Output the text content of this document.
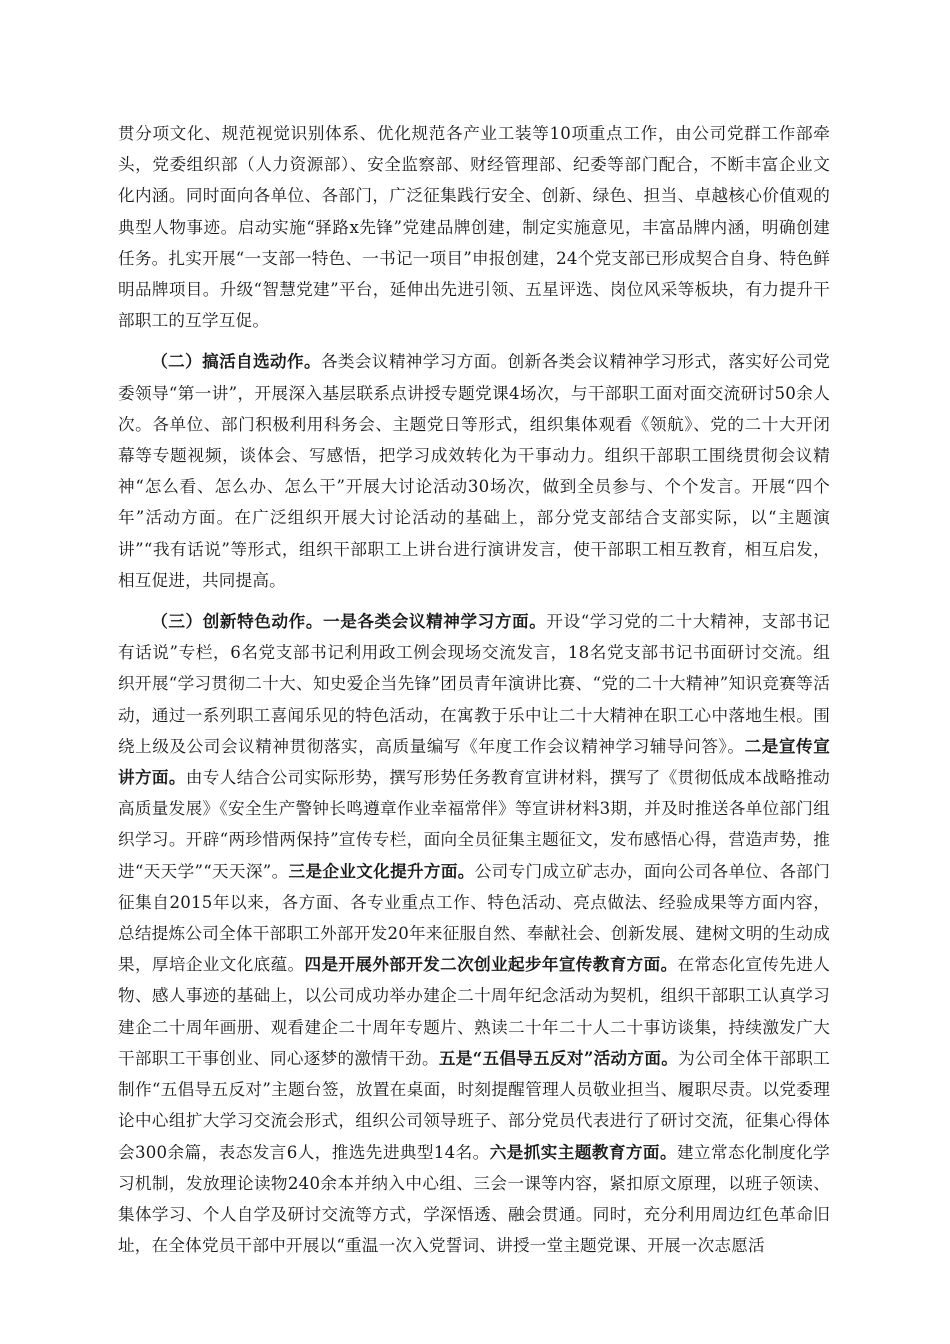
贯分项文化、规范视觉识别体系、优化规范各产业工装等10项重点工作，由公司党群工作部牵头，党委组织部（人力资源部）、安全监察部、财经管理部、纪委等部门配合，不断丰富企业文化内涵。同时面向各单位、各部门，广泛征集践行安全、创新、绿色、担当、卓越核心价值观的典型人物事迹。启动实施“驿路x先锋”党建品牌创建，制定实施意见，丰富品牌内涵，明确创建任务。扎实开展“一支部一特色、一书记一项目”申报创建，24个党支部已形成契合自身、特色鲜明品牌项目。升级“智慧党建”平台，延伸出先进引领、五星评选、岗位风采等板块，有力提升干部职工的互学互促。

（二）搞活自选动作。各类会议精神学习方面。创新各类会议精神学习形式，落实好公司党委领导“第一讲”，开展深入基层联系点讲授专题党课4场次，与干部职工面对面交流研讨50余人次。各单位、部门积极利用科务会、主题党日等形式，组织集体观看《领航》、党的二十大开闭幕等专题视频，谈体会、写感悟，把学习成效转化为干事动力。组织干部职工围绕贯彻会议精神“怎么看、怎么办、怎么干”开展大讨论活动30场次，做到全员参与、个个发言。开展“四个年”活动方面。在广泛组织开展大讨论活动的基础上，部分党支部结合支部实际，以“主题演讲”“我有话说”等形式，组织干部职工上讲台进行演讲发言，使干部职工相互教育，相互启发，相互促进，共同提高。

（三）创新特色动作。一是各类会议精神学习方面。开设“学习党的二十大精神，支部书记有话说”专栏，6名党支部书记利用政工例会现场交流发言，18名党支部书记书面研讨交流。组织开展“学习贯彻二十大、知史爱企当先锋”团员青年演讲比赛、“党的二十大精神”知识竞赛等活动，通过一系列职工喜闻乐见的特色活动，在寓教于乐中让二十大精神在职工心中落地生根。围绕上级及公司会议精神贯彻落实，高质量编写《年度工作会议精神学习辅导问答》。二是宣传宣讲方面。由专人结合公司实际形势，撰写形势任务教育宣讲材料，撰写了《贯彻低成本战略推动高质量发展》《安全生产警钟长鸣遵章作业幸福常伴》等宣讲材料3期，并及时推送各单位部门组织学习。开辟“两珍惜两保持”宣传专栏，面向全员征集主题征文，发布感悟心得，营造声势，推进“天天学”“天天深”。三是企业文化提升方面。公司专门成立矿志办，面向公司各单位、各部门征集自2015年以来，各方面、各专业重点工作、特色活动、亮点做法、经验成果等方面内容，总结提炼公司全体干部职工外部开发20年来征服自然、奉献社会、创新发展、建树文明的生动成果，厚培企业文化底蕴。四是开展外部开发二次创业起步年宣传教育方面。在常态化宣传先进人物、感人事迹的基础上，以公司成功举办建企二十周年纪念活动为契机，组织干部职工认真学习建企二十周年画册、观看建企二十周年专题片、熟读二十年二十人二十事访谈集，持续激发广大干部职工干事创业、同心逐梦的激情干劲。五是“五倡导五反对”活动方面。为公司全体干部职工制作“五倡导五反对”主题台签，放置在桌面，时刻提醒管理人员敬业担当、履职尽责。以党委理论中心组扩大学习交流会形式，组织公司领导班子、部分党员代表进行了研讨交流，征集心得体会300余篇，表态发言6人，推选先进典型14名。六是抓实主题教育方面。建立常态化制度化学习机制，发放理论读物240余本并纳入中心组、三会一课等内容，紧扣原文原理，以班子领读、集体学习、个人自学及研讨交流等方式，学深悟透、融会贯通。同时，充分利用周边红色革命旧址，在全体党员干部中开展以“重温一次入党誓词、讲授一堂主题党课、开展一次志愿活
